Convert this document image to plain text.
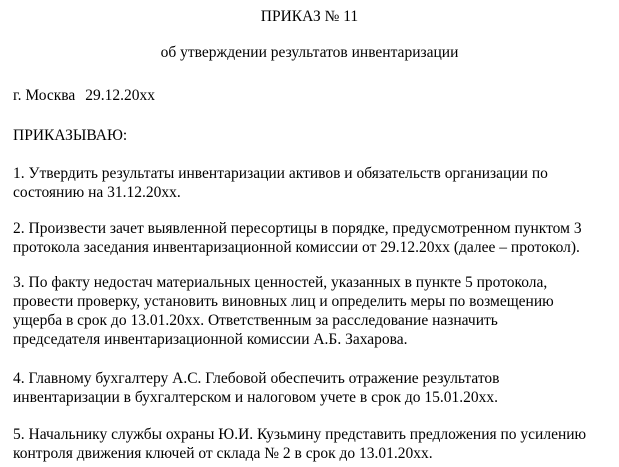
ПРИКАЗ № 11
об утверждении результатов инвентаризации
г. Москва 29.12.20хх
ПРИКАЗЫВАЮ:
1. Утвердить результаты инвентаризации активов и обязательств организации по
состоянию на 31.12.20хх.
2. Произвести зачет выявленной пересортицы в порядке, предусмотренном пунктом 3
протокола заседания инвентаризационной комиссии от 29.12.20хх (далее – протокол).
3. По факту недостач материальных ценностей, указанных в пункте 5 протокола,
провести проверку, установить виновных лиц и определить меры по возмещению
ущерба в срок до 13.01.20хх. Ответственным за расследование назначить
председателя инвентаризационной комиссии А.Б. Захарова.
4. Главному бухгалтеру А.С. Глебовой обеспечить отражение результатов
инвентаризации в бухгалтерском и налоговом учете в срок до 15.01.20хх.
5. Начальнику службы охраны Ю.И. Кузьмину представить предложения по усилению
контроля движения ключей от склада № 2 в срок до 13.01.20хх.
